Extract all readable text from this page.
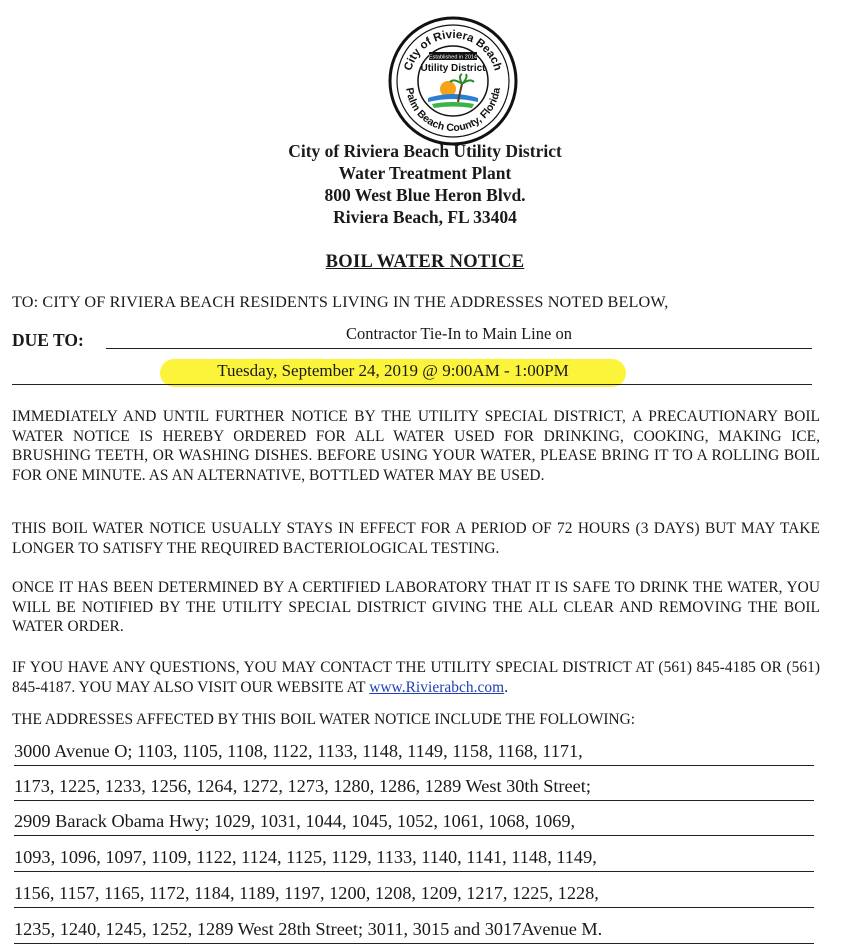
City of Riviera Beach
Palm Beach County, Florida
Established in 2014
Utility District
City of Riviera Beach Utility District
Water Treatment Plant
800 West Blue Heron Blvd.
Riviera Beach, FL 33404
BOIL WATER NOTICE
TO: CITY OF RIVIERA BEACH RESIDENTS LIVING IN THE ADDRESSES NOTED BELOW,
DUE TO:	Contractor Tie-In to Main Line on
Tuesday, September 24, 2019 @ 9:00AM - 1:00PM
IMMEDIATELY AND UNTIL FURTHER NOTICE BY THE UTILITY SPECIAL DISTRICT, A PRECAUTIONARY BOIL WATER NOTICE IS HEREBY ORDERED FOR ALL WATER USED FOR DRINKING, COOKING, MAKING ICE, BRUSHING TEETH, OR WASHING DISHES. BEFORE USING YOUR WATER, PLEASE BRING IT TO A ROLLING BOIL FOR ONE MINUTE. AS AN ALTERNATIVE, BOTTLED WATER MAY BE USED.
THIS BOIL WATER NOTICE USUALLY STAYS IN EFFECT FOR A PERIOD OF 72 HOURS (3 DAYS) BUT MAY TAKE LONGER TO SATISFY THE REQUIRED BACTERIOLOGICAL TESTING.
ONCE IT HAS BEEN DETERMINED BY A CERTIFIED LABORATORY THAT IT IS SAFE TO DRINK THE WATER, YOU WILL BE NOTIFIED BY THE UTILITY SPECIAL DISTRICT GIVING THE ALL CLEAR AND REMOVING THE BOIL WATER ORDER.
IF YOU HAVE ANY QUESTIONS, YOU MAY CONTACT THE UTILITY SPECIAL DISTRICT AT (561) 845-4185 OR (561) 845-4187. YOU MAY ALSO VISIT OUR WEBSITE AT www.Rivierabch.com.
THE ADDRESSES AFFECTED BY THIS BOIL WATER NOTICE INCLUDE THE FOLLOWING:
3000 Avenue O; 1103, 1105, 1108, 1122, 1133, 1148, 1149, 1158, 1168, 1171,
1173, 1225, 1233, 1256, 1264, 1272, 1273, 1280, 1286, 1289 West 30th Street;
2909 Barack Obama Hwy; 1029, 1031, 1044, 1045, 1052, 1061, 1068, 1069,
1093, 1096, 1097, 1109, 1122, 1124, 1125, 1129, 1133, 1140, 1141, 1148, 1149,
1156, 1157, 1165, 1172, 1184, 1189, 1197, 1200, 1208, 1209, 1217, 1225, 1228,
1235, 1240, 1245, 1252, 1289 West 28th Street; 3011, 3015 and 3017Avenue M.
